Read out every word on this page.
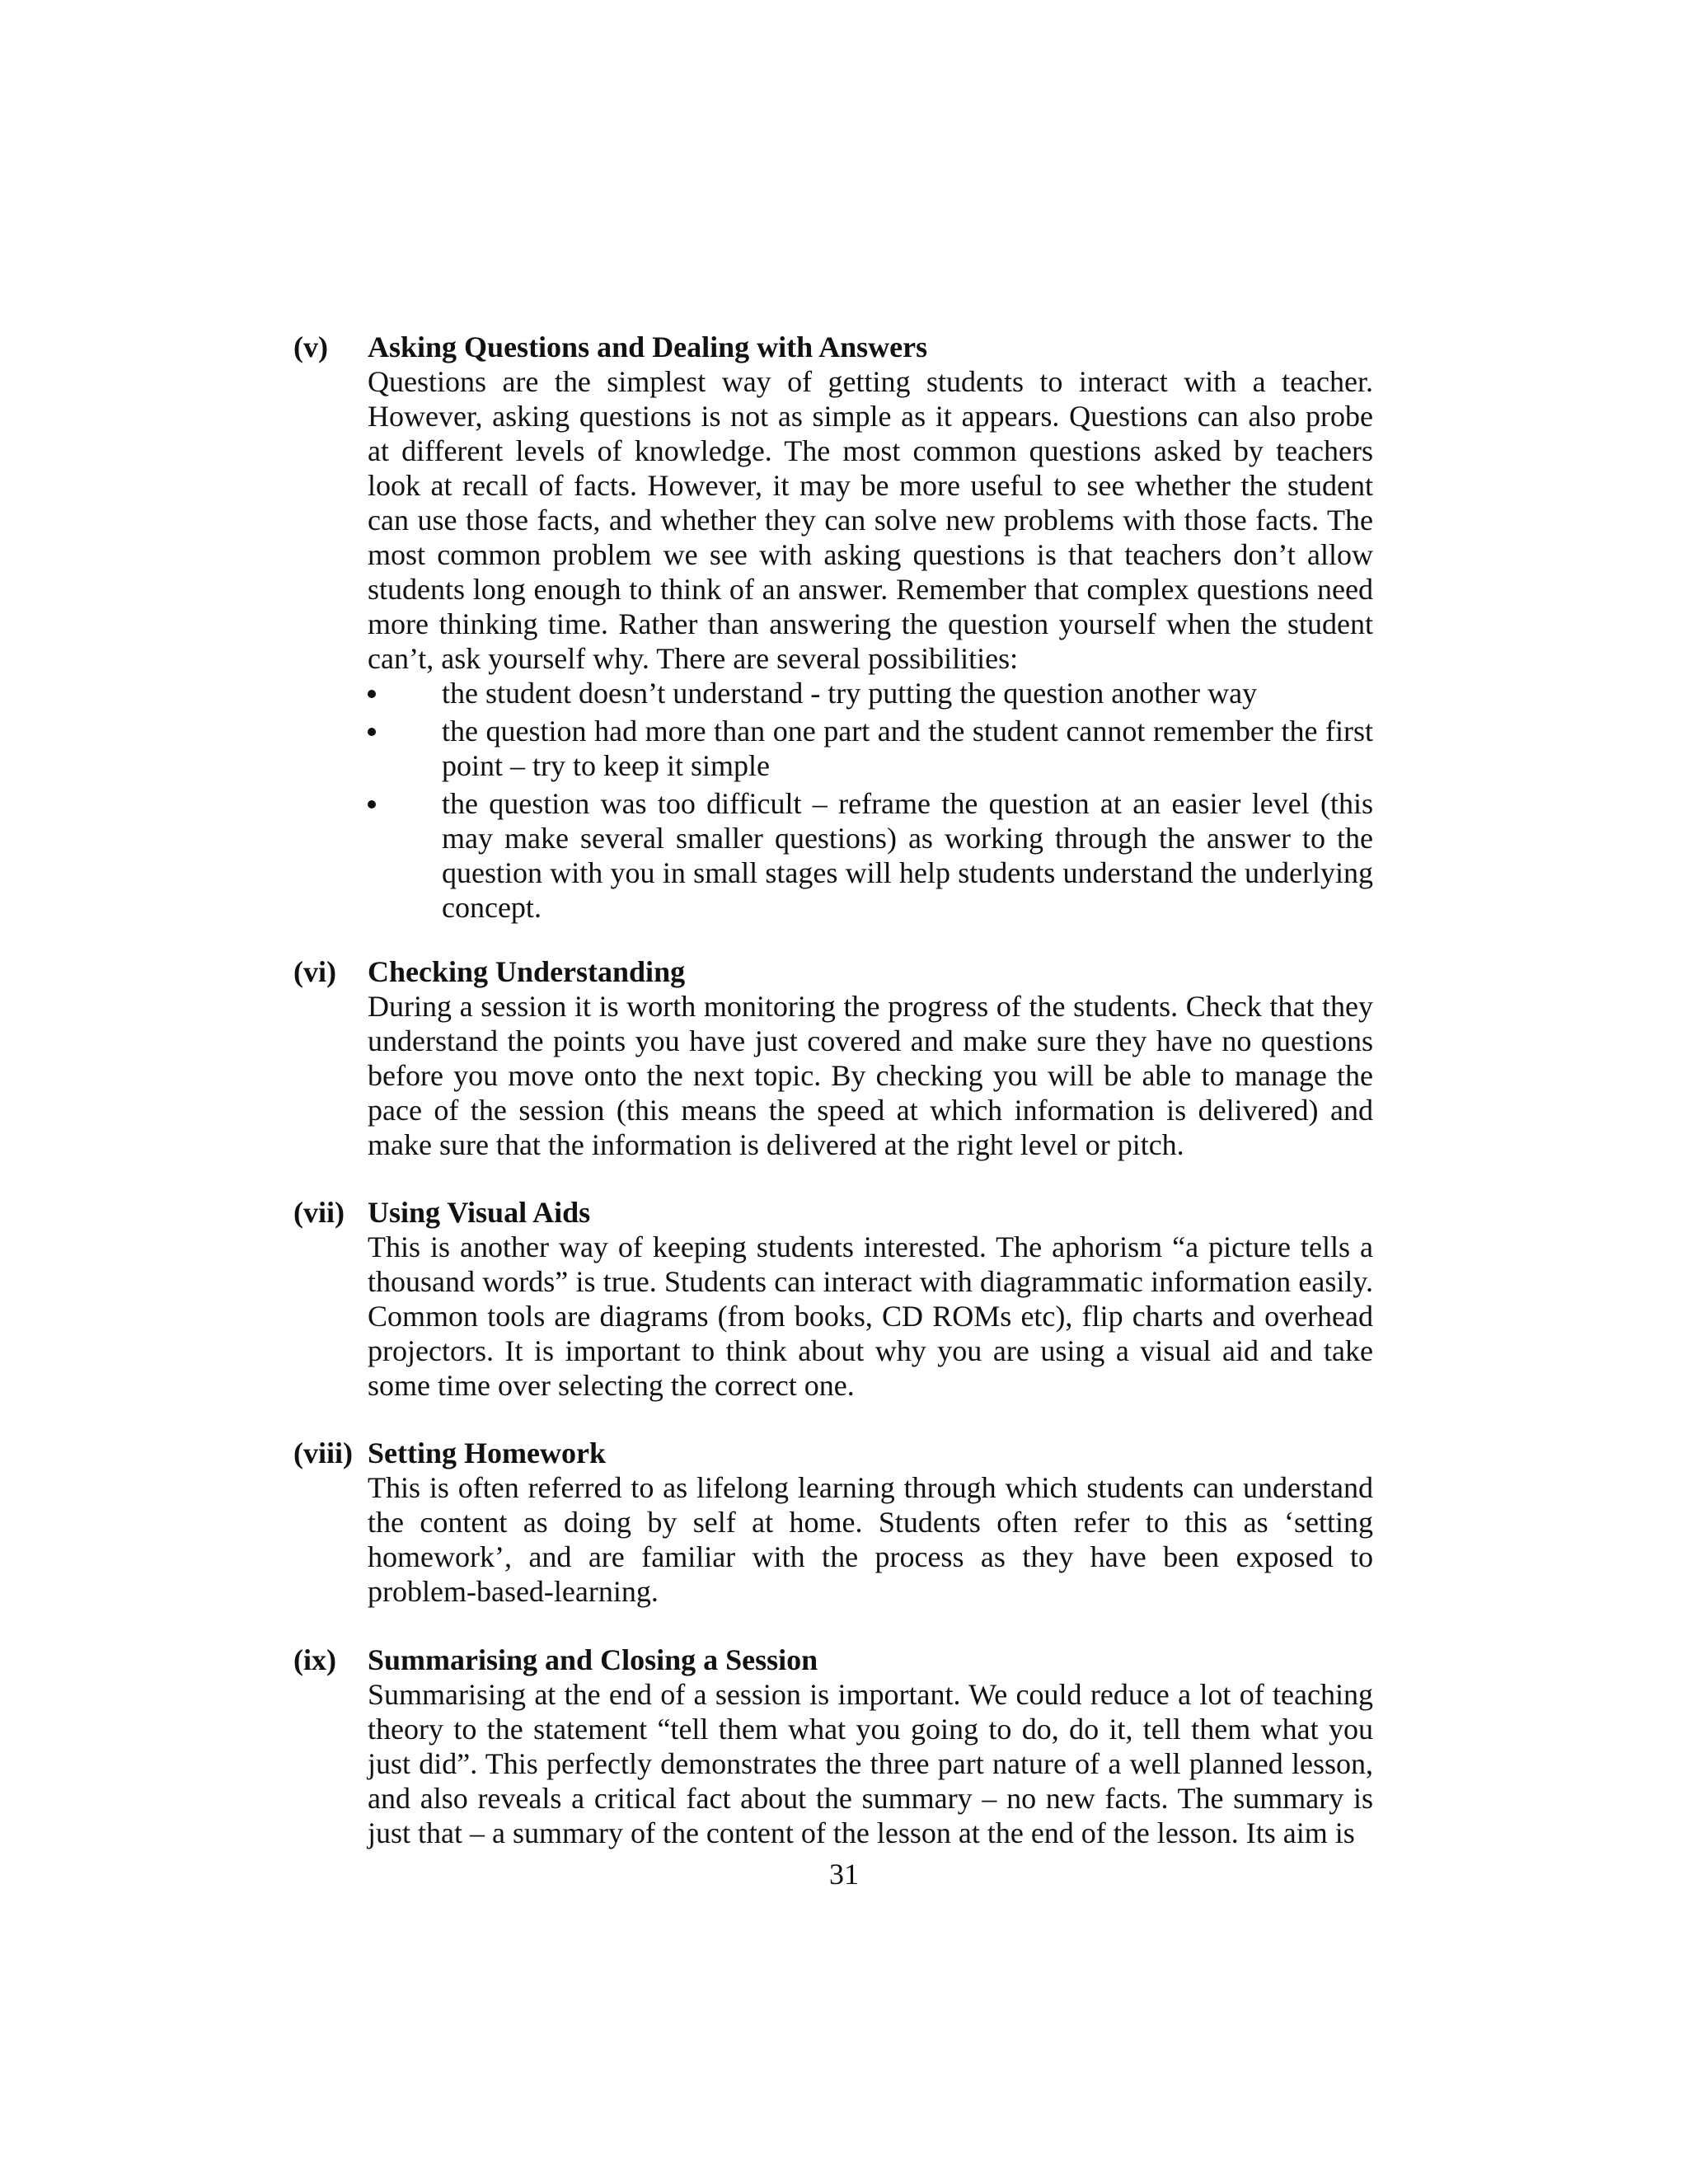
(v) Asking Questions and Dealing with Answers

Questions are the simplest way of getting students to interact with a teacher. However, asking questions is not as simple as it appears. Questions can also probe at different levels of knowledge. The most common questions asked by teachers look at recall of facts. However, it may be more useful to see whether the student can use those facts, and whether they can solve new problems with those facts. The most common problem we see with asking questions is that teachers don’t allow students long enough to think of an answer. Remember that complex questions need more thinking time. Rather than answering the question yourself when the student can’t, ask yourself why. There are several possibilities:

the student doesn’t understand - try putting the question another way
the question had more than one part and the student cannot remember the first point – try to keep it simple
the question was too difficult – reframe the question at an easier level (this may make several smaller questions) as working through the answer to the question with you in small stages will help students understand the underlying concept.
(vi) Checking Understanding

During a session it is worth monitoring the progress of the students. Check that they understand the points you have just covered and make sure they have no questions before you move onto the next topic. By checking you will be able to manage the pace of the session (this means the speed at which information is delivered) and make sure that the information is delivered at the right level or pitch.

(vii) Using Visual Aids

This is another way of keeping students interested. The aphorism “a picture tells a thousand words” is true. Students can interact with diagrammatic information easily. Common tools are diagrams (from books, CD ROMs etc), flip charts and overhead projectors. It is important to think about why you are using a visual aid and take some time over selecting the correct one.

(viii) Setting Homework

This is often referred to as lifelong learning through which students can understand the content as doing by self at home. Students often refer to this as ‘setting homework’, and are familiar with the process as they have been exposed to problem-based-learning.

(ix) Summarising and Closing a Session

Summarising at the end of a session is important. We could reduce a lot of teaching theory to the statement “tell them what you going to do, do it, tell them what you just did”. This perfectly demonstrates the three part nature of a well planned lesson, and also reveals a critical fact about the summary – no new facts. The summary is just that – a summary of the content of the lesson at the end of the lesson. Its aim is

31
